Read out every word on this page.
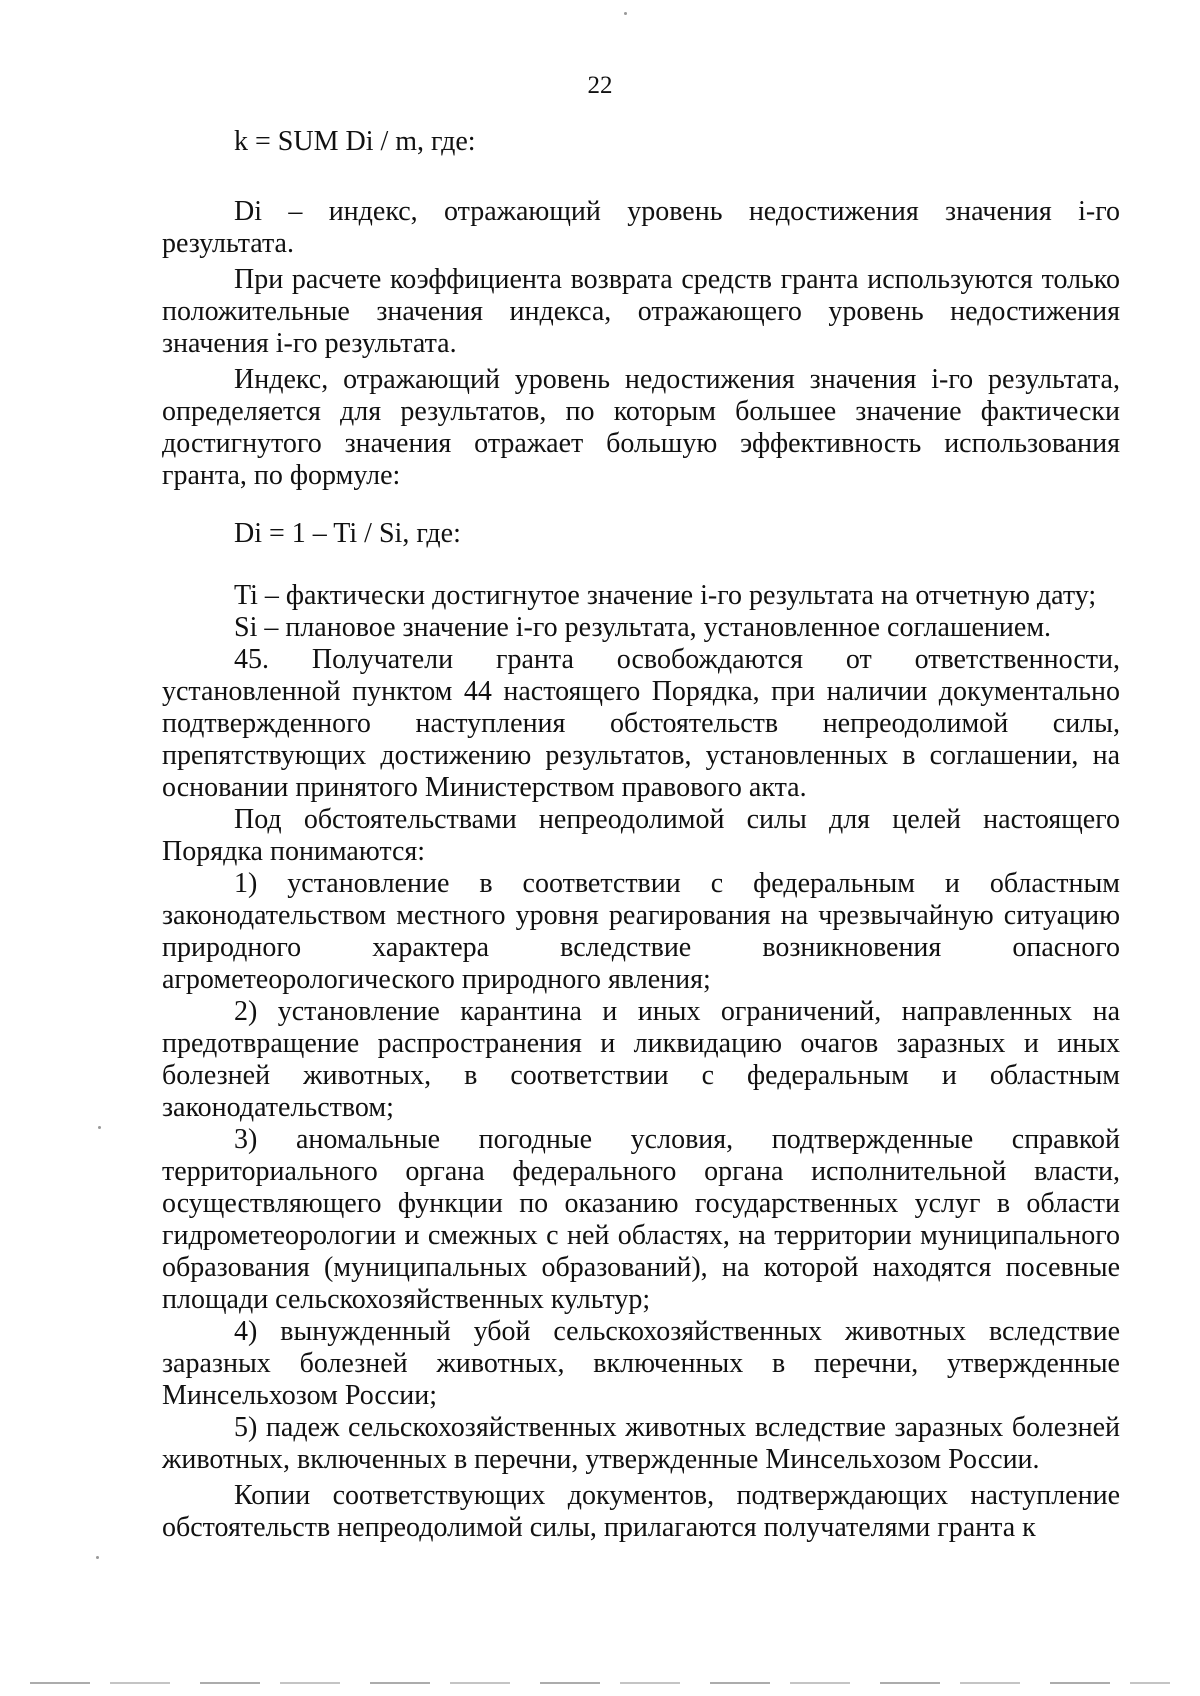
22
k = SUM Di / m, где:

Di – индекс, отражающий уровень недостижения значения i-го результата.

При расчете коэффициента возврата средств гранта используются только положительные значения индекса, отражающего уровень недостижения значения i-го результата.

Индекс, отражающий уровень недостижения значения i-го результата, определяется для результатов, по которым большее значение фактически достигнутого значения отражает большую эффективность использования гранта, по формуле:

Di = 1 – Ti / Si, где:

Ti – фактически достигнутое значение i-го результата на отчетную дату;

Si – плановое значение i-го результата, установленное соглашением.

45. Получатели гранта освобождаются от ответственности, установленной пунктом 44 настоящего Порядка, при наличии документально подтвержденного наступления обстоятельств непреодолимой силы, препятствующих достижению результатов, установленных в соглашении, на основании принятого Министерством правового акта.

Под обстоятельствами непреодолимой силы для целей настоящего Порядка понимаются:

1) установление в соответствии с федеральным и областным законодательством местного уровня реагирования на чрезвычайную ситуацию природного характера вследствие возникновения опасного агрометеорологического природного явления;

2) установление карантина и иных ограничений, направленных на предотвращение распространения и ликвидацию очагов заразных и иных болезней животных, в соответствии с федеральным и областным законодательством;

3) аномальные погодные условия, подтвержденные справкой территориального органа федерального органа исполнительной власти, осуществляющего функции по оказанию государственных услуг в области гидрометеорологии и смежных с ней областях, на территории муниципального образования (муниципальных образований), на которой находятся посевные площади сельскохозяйственных культур;

4) вынужденный убой сельскохозяйственных животных вследствие заразных болезней животных, включенных в перечни, утвержденные Минсельхозом России;

5) падеж сельскохозяйственных животных вследствие заразных болезней животных, включенных в перечни, утвержденные Минсельхозом России.

Копии соответствующих документов, подтверждающих наступление обстоятельств непреодолимой силы, прилагаются получателями гранта к
